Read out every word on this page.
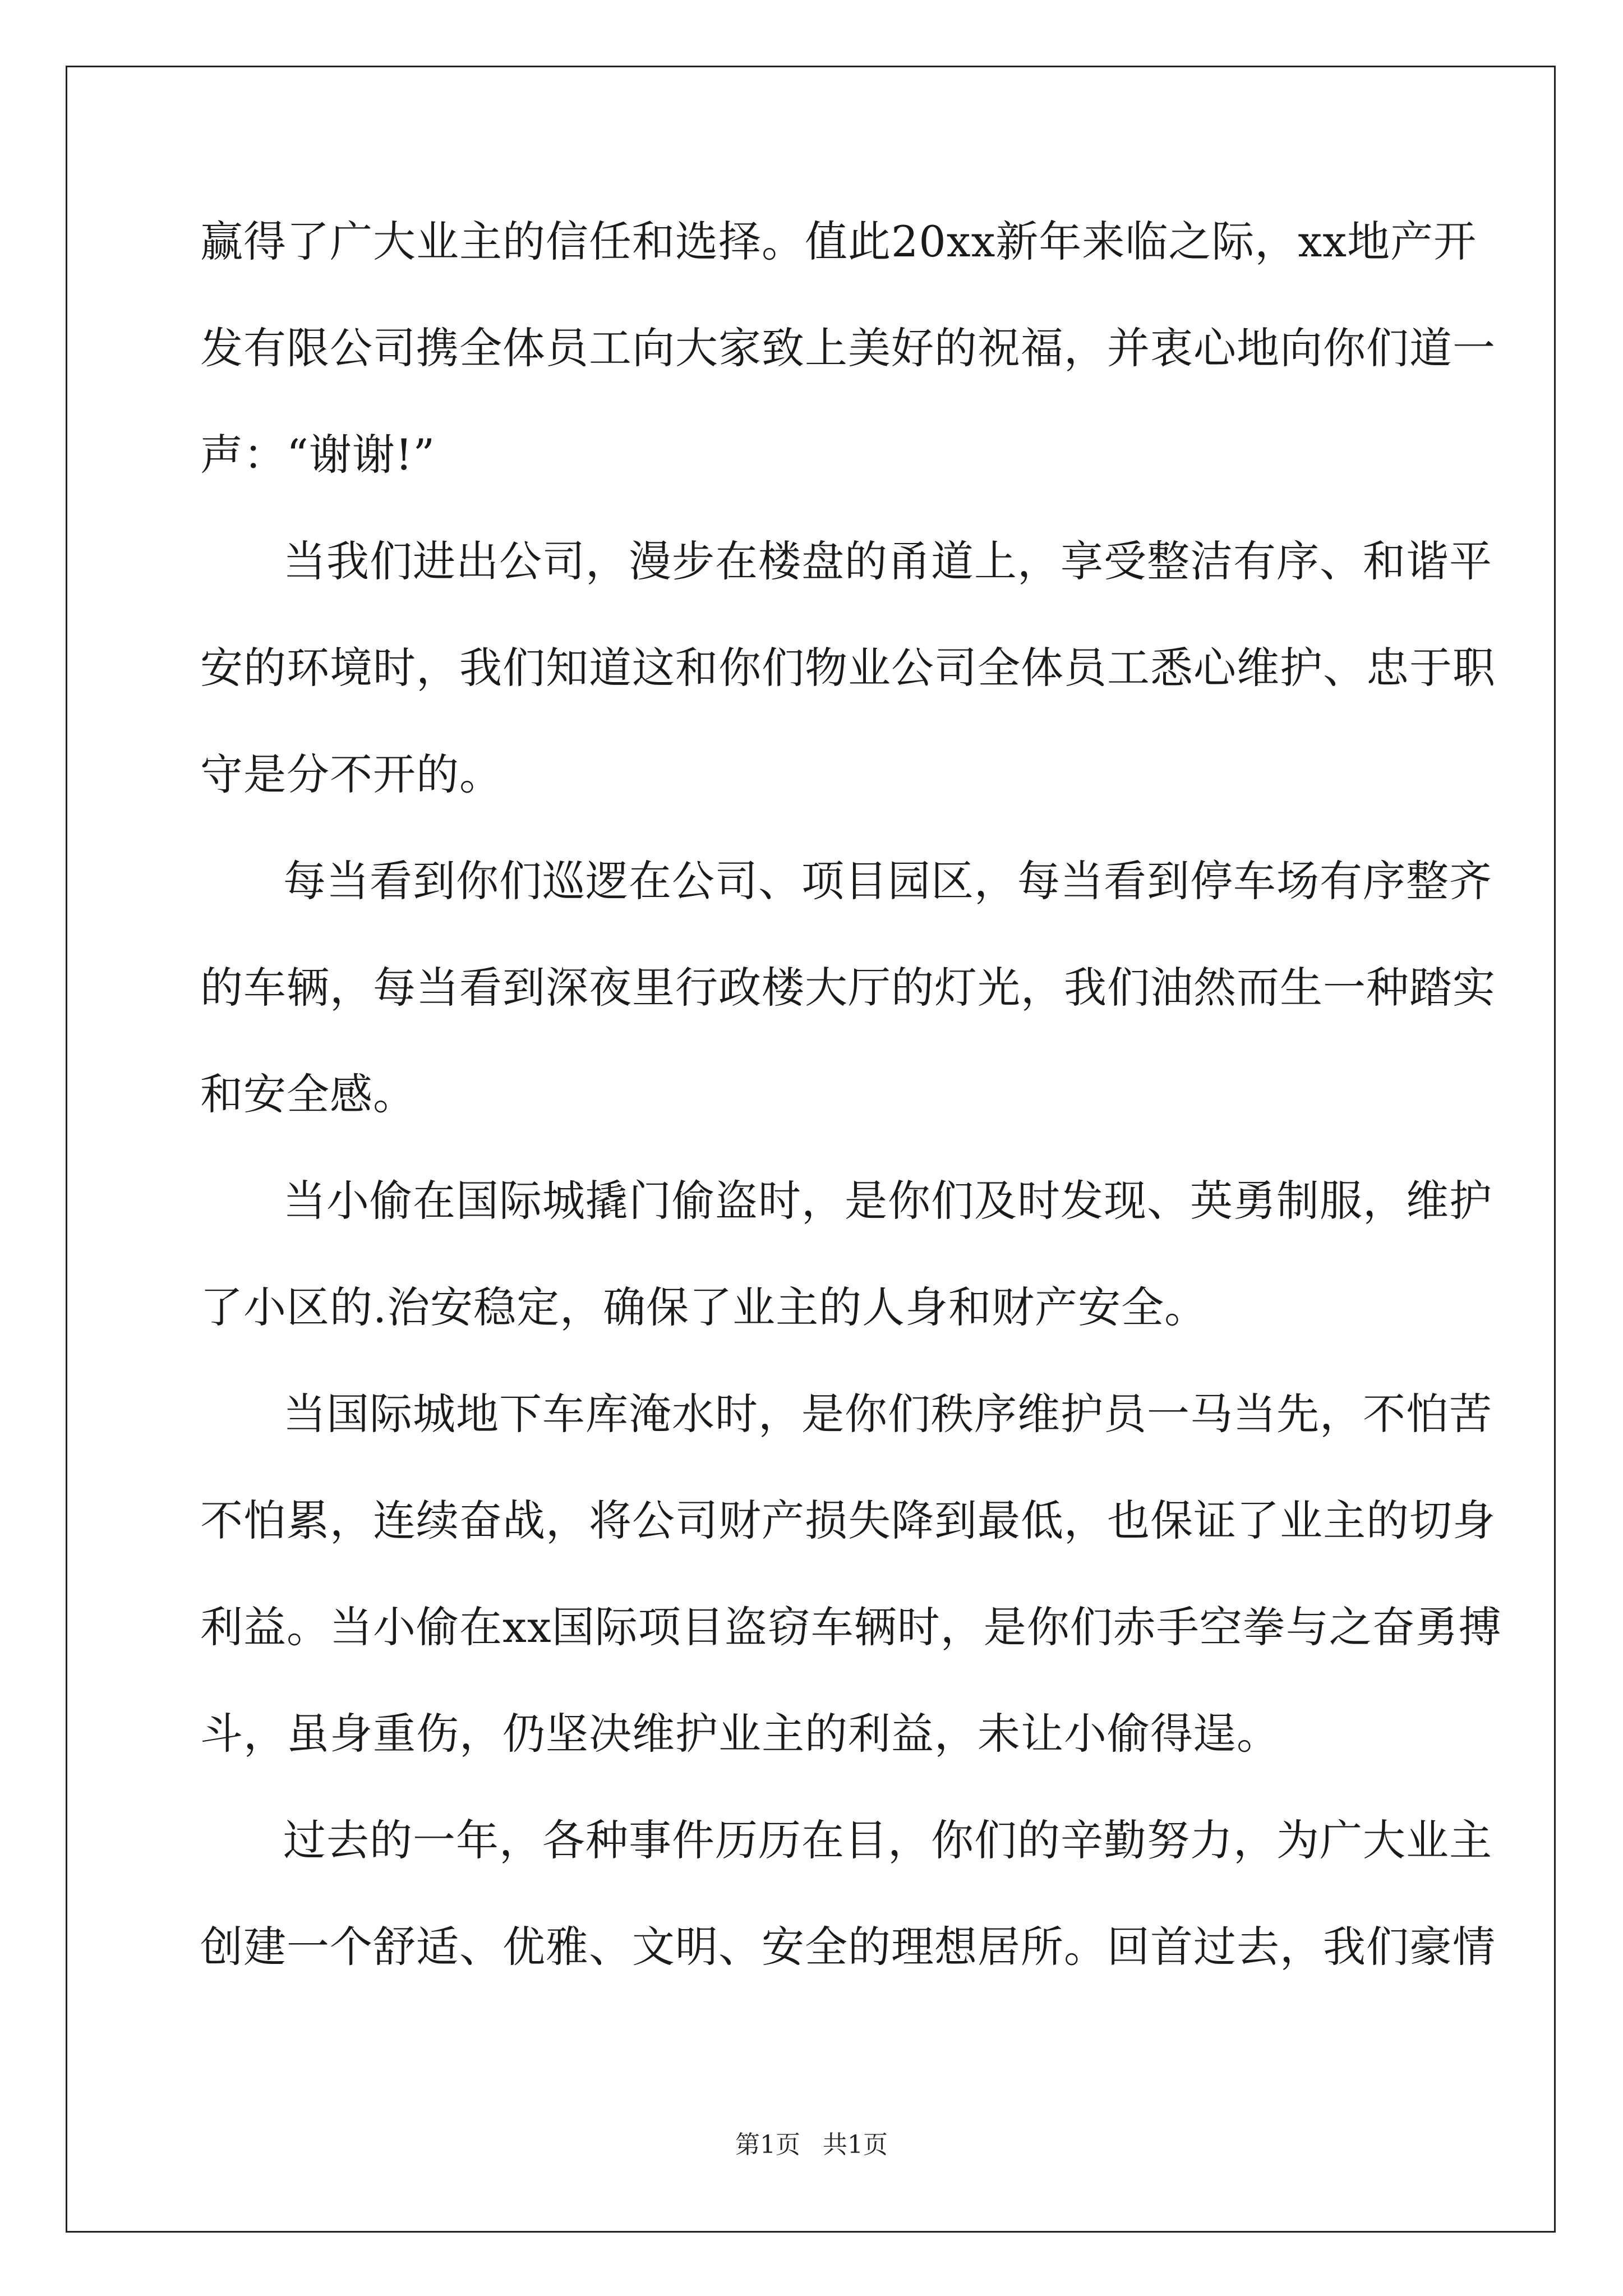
赢得了广大业主的信任和选择。值此20xx新年来临之际，xx地产开
发有限公司携全体员工向大家致上美好的祝福，并衷心地向你们道一
声：“谢谢!”
当我们进出公司，漫步在楼盘的甬道上，享受整洁有序、和谐平
安的环境时，我们知道这和你们物业公司全体员工悉心维护、忠于职
守是分不开的。
每当看到你们巡逻在公司、项目园区，每当看到停车场有序整齐
的车辆，每当看到深夜里行政楼大厅的灯光，我们油然而生一种踏实
和安全感。
当小偷在国际城撬门偷盗时，是你们及时发现、英勇制服，维护
了小区的.治安稳定，确保了业主的人身和财产安全。
当国际城地下车库淹水时，是你们秩序维护员一马当先，不怕苦
不怕累，连续奋战，将公司财产损失降到最低，也保证了业主的切身
利益。当小偷在xx国际项目盗窃车辆时，是你们赤手空拳与之奋勇搏
斗，虽身重伤，仍坚决维护业主的利益，未让小偷得逞。
过去的一年，各种事件历历在目，你们的辛勤努力，为广大业主
创建一个舒适、优雅、文明、安全的理想居所。回首过去，我们豪情
第1页 共1页
